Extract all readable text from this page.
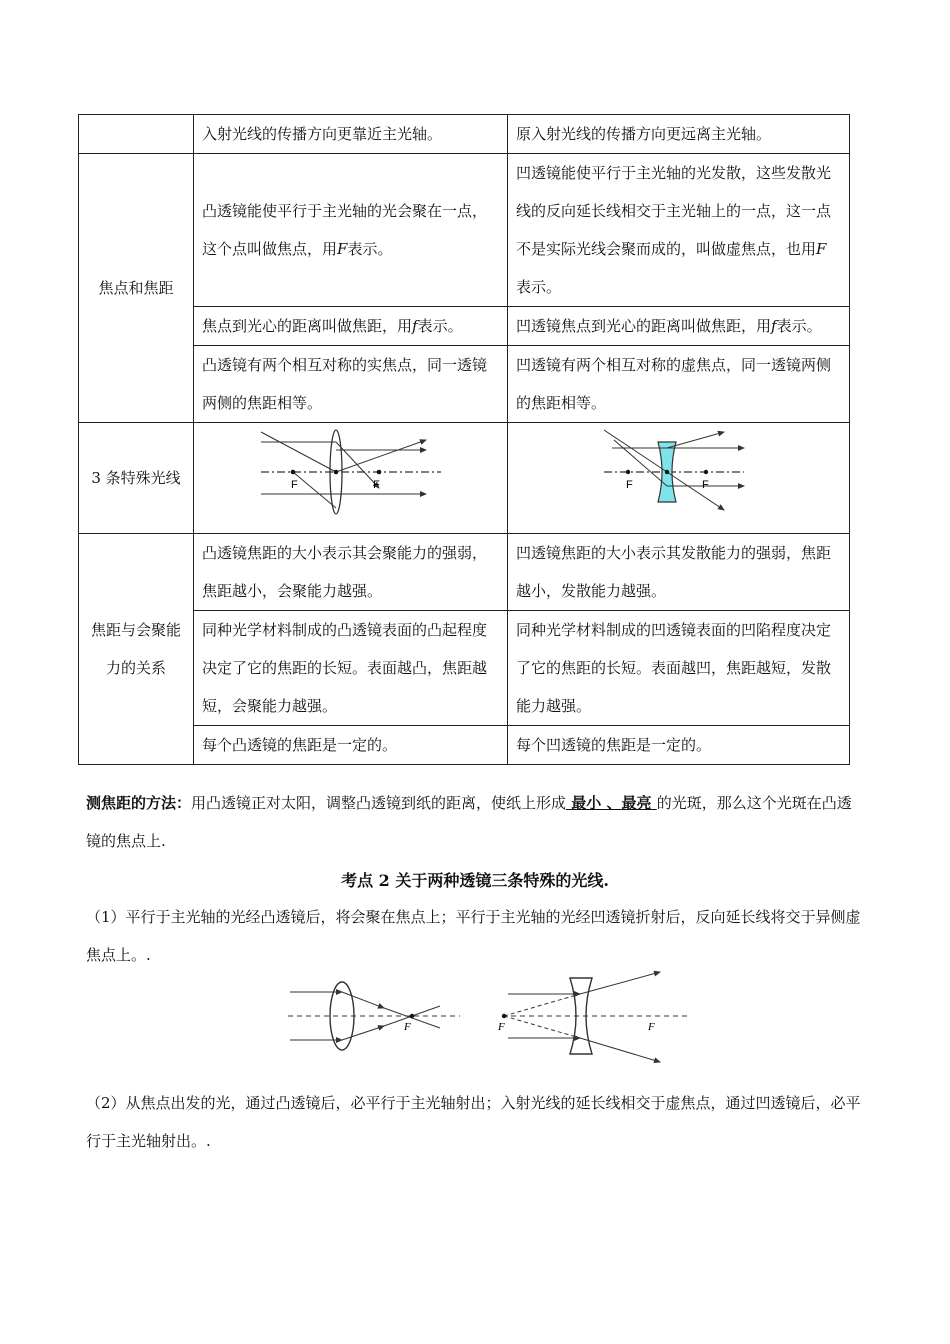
	入射光线的传播方向更靠近主光轴。	原入射光线的传播方向更远离主光轴。
焦点和焦距	凸透镜能使平行于主光轴的光会聚在一点，这个点叫做焦点，用F表示。	凹透镜能使平行于主光轴的光发散，这些发散光线的反向延长线相交于主光轴上的一点，这一点不是实际光线会聚而成的，叫做虚焦点，也用F表示。
	焦点到光心的距离叫做焦距，用f表示。	凹透镜焦点到光心的距离叫做焦距，用f表示。
	凸透镜有两个相互对称的实焦点，同一透镜两侧的焦距相等。	凹透镜有两个相互对称的虚焦点，同一透镜两侧的焦距相等。
3 条特殊光线	F F	F F

焦距与会聚能力的关系	凸透镜焦距的大小表示其会聚能力的强弱，焦距越小，会聚能力越强。	凹透镜焦距的大小表示其发散能力的强弱，焦距越小，发散能力越强。
	同种光学材料制成的凸透镜表面的凸起程度决定了它的焦距的长短。表面越凸，焦距越短，会聚能力越强。	同种光学材料制成的凹透镜表面的凹陷程度决定了它的焦距的长短。表面越凹，焦距越短，发散能力越强。
	每个凸透镜的焦距是一定的。	每个凹透镜的焦距是一定的。
测焦距的方法：用凸透镜正对太阳，调整凸透镜到纸的距离，使纸上形成 最小 、最亮 的光斑，那么这个光斑在凸透镜的焦点上.
考点 2 关于两种透镜三条特殊的光线.
（1）平行于主光轴的光经凸透镜后，将会聚在焦点上；平行于主光轴的光经凹透镜折射后，反向延长线将交于异侧虚焦点上。.
F	F	F
（2）从焦点出发的光，通过凸透镜后，必平行于主光轴射出；入射光线的延长线相交于虚焦点，通过凹透镜后，必平行于主光轴射出。.
